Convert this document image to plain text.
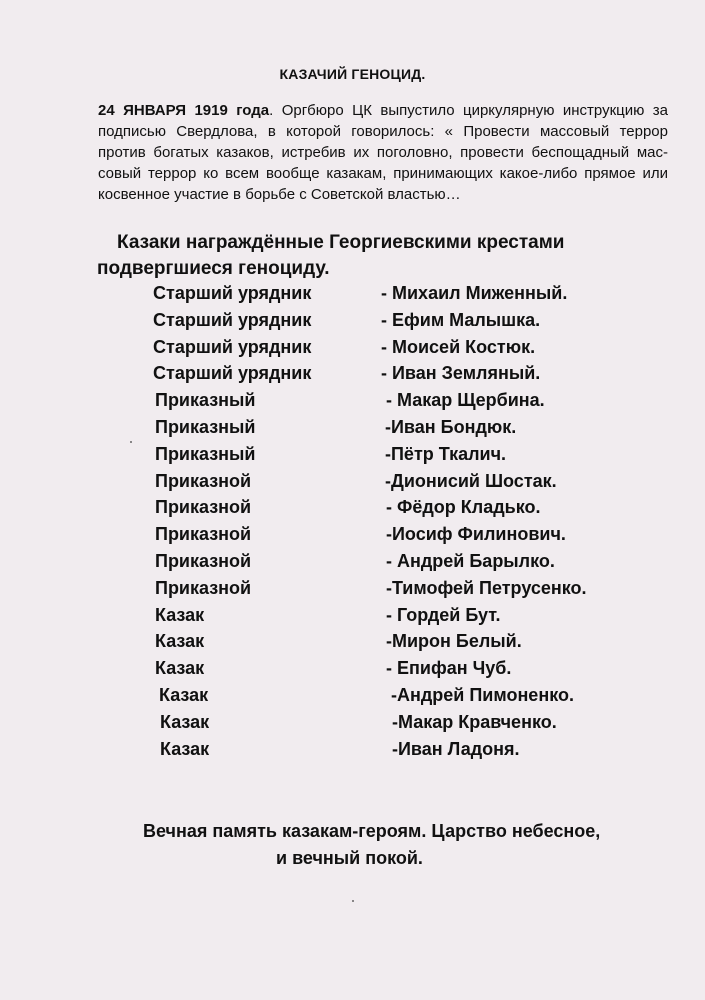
КАЗАЧИЙ ГЕНОЦИД.
24 ЯНВАРЯ 1919 года. Оргбюро ЦК выпустило циркулярную инструкцию за подписью Свердлова, в которой говорилось: « Провести массовый террор против богатых казаков, истребив их поголовно, провести беспощадный мас-совый террор ко всем вообще казакам, принимающих какое-либо прямое или косвенное участие в борьбе с Советской властью…
Казаки награждённые Георгиевскими крестами
подвергшиеся геноциду.
Старший урядник	- Михаил Миженный.
Старший урядник	- Ефим Малышка.
Старший урядник	- Моисей Костюк.
Старший урядник	- Иван Земляный.
Приказный	- Макар Щербина.
Приказный	-Иван Бондюк.
Приказный	-Пётр Ткалич.
Приказной	-Дионисий Шостак.
Приказной	- Фёдор Кладько.
Приказной	-Иосиф Филинович.
Приказной	- Андрей Барылко.
Приказной	-Тимофей Петрусенко.
Казак	- Гордей Бут.
Казак	-Мирон Белый.
Казак	- Епифан Чуб.
Казак	-Андрей Пимоненко.
Казак	-Макар Кравченко.
Казак	-Иван Ладоня.
Вечная память казакам-героям. Царство небесное,
и вечный покой.
